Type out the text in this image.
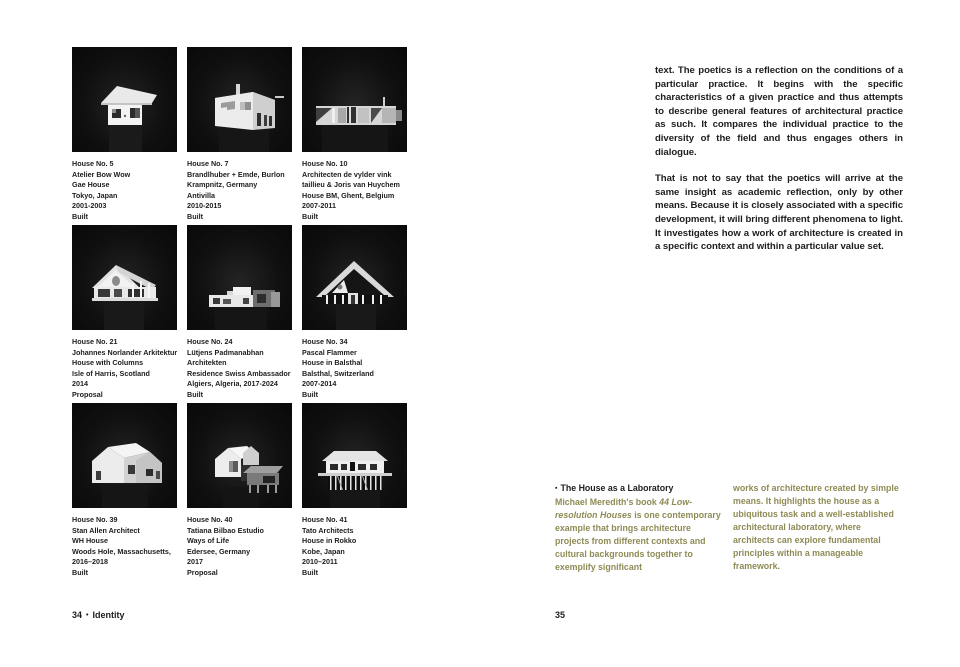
House No. 5
Atelier Bow Wow
Gae House
Tokyo, Japan
2001-2003
Built
House No. 7
Brandlhuber + Emde, Burlon
Krampnitz, Germany
Antivilla
2010-2015
Built
House No. 10
Architecten de vylder vink
taillieu & Joris van Huychem
House BM, Ghent, Belgium
2007-2011
Built
House No. 21
Johannes Norlander Arkitektur
House with Columns
Isle of Harris, Scotland
2014
Proposal
House No. 24
Lütjens Padmanabhan
Architekten
Residence Swiss Ambassador
Algiers, Algeria, 2017-2024
Built
House No. 34
Pascal Flammer
House in Balsthal
Balsthal, Switzerland
2007-2014
Built
House No. 39
Stan Allen Architect
WH House
Woods Hole, Massachusetts,
2016–2018
Built
House No. 40
Tatiana Bilbao Estudio
Ways of Life
Edersee, Germany
2017
Proposal
House No. 41
Tato Architects
House in Rokko
Kobe, Japan
2010–2011
Built
34 • Identity

text. The poetics is a reflection on the conditions of a particular practice. It begins with the specific characteristics of a given practice and thus attempts to describe general features of architectural practice as such. It compares the individual practice to the diversity of the field and thus engages others in dialogue.

That is not to say that the poetics will arrive at the same insight as academic reflection, only by other means. Because it is closely associated with a specific development, it will bring different phenomena to light. It investigates how a work of architecture is created in a specific context and within a particular value set.

▪ The House as a Laboratory
Michael Meredith's book 44 Low-resolution Houses is one contemporary example that brings architecture projects from different contexts and cultural backgrounds together to exemplify significant
works of architecture created by simple means. It highlights the house as a ubiquitous task and a well-established architectural laboratory, where architects can explore fundamental principles within a manageable framework.
35
